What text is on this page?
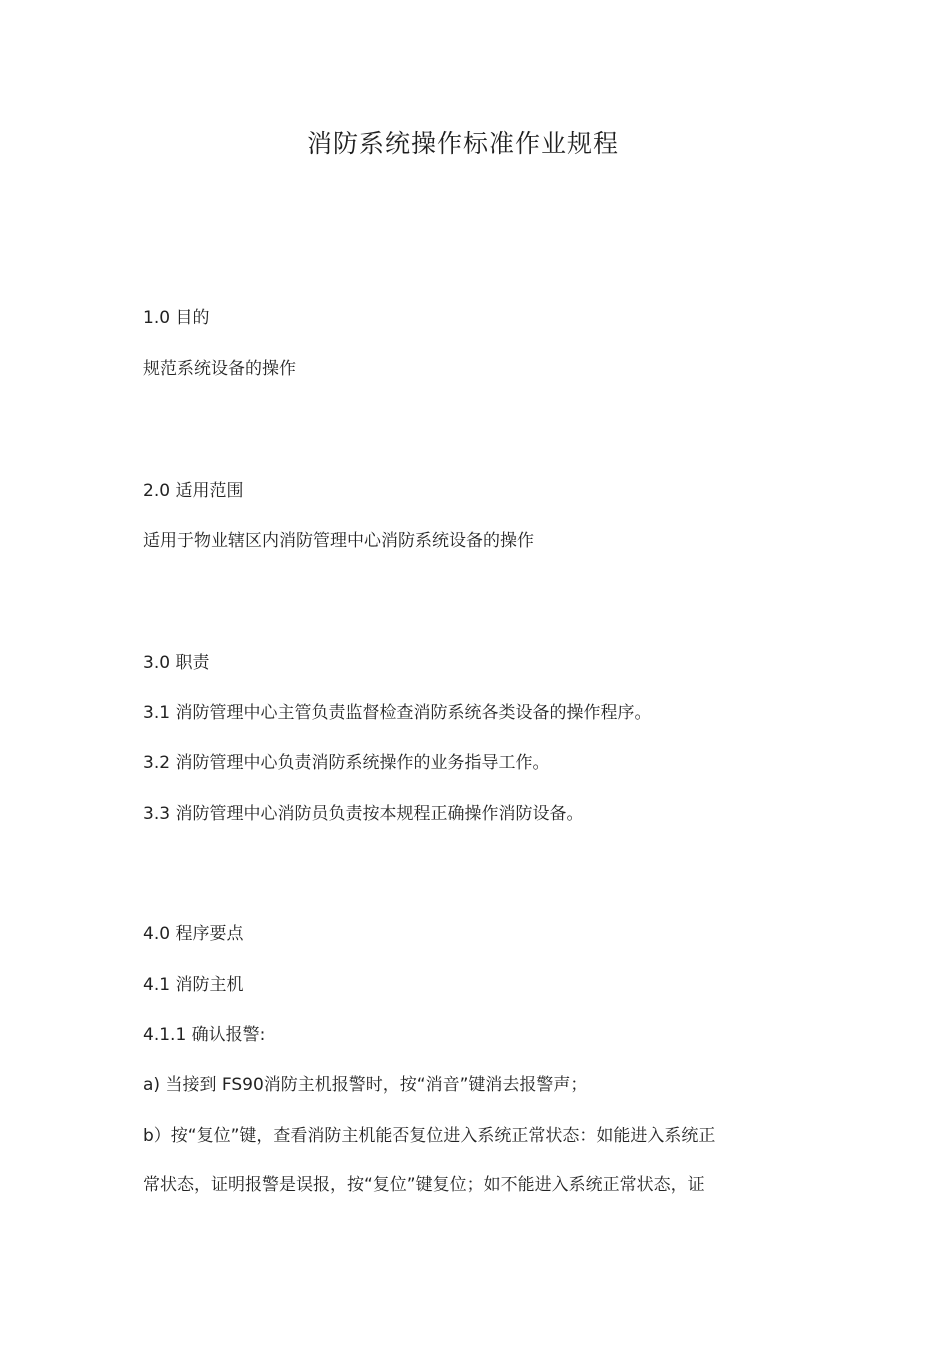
消防系统操作标准作业规程
1.0 目的
规范系统设备的操作
2.0 适用范围
适用于物业辖区内消防管理中心消防系统设备的操作
3.0 职责
3.1 消防管理中心主管负责监督检查消防系统各类设备的操作程序。
3.2 消防管理中心负责消防系统操作的业务指导工作。
3.3 消防管理中心消防员负责按本规程正确操作消防设备。
4.0 程序要点
4.1 消防主机
4.1.1 确认报警:
a) 当接到 FS90消防主机报警时，按“消音”键消去报警声；
b）按“复位”键，查看消防主机能否复位进入系统正常状态：如能进入系统正
常状态，证明报警是误报，按“复位”键复位；如不能进入系统正常状态，证
